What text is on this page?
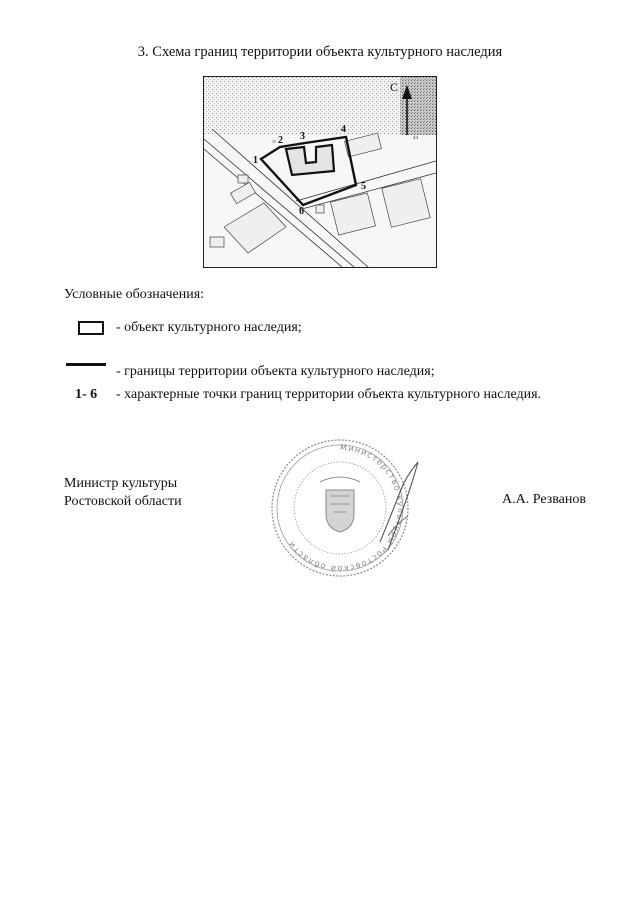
3. Схема границ территории объекта культурного наследия
1
2 3
4
5
6
35
С
44
Условные обозначения:
- объект культурного наследия;
- границы территории объекта культурного наследия;
1- 6 - характерные точки границ территории объекта культурного наследия.
Министр культуры
Ростовской области
Министерство культуры Ростовской области
А.А. Резванов
